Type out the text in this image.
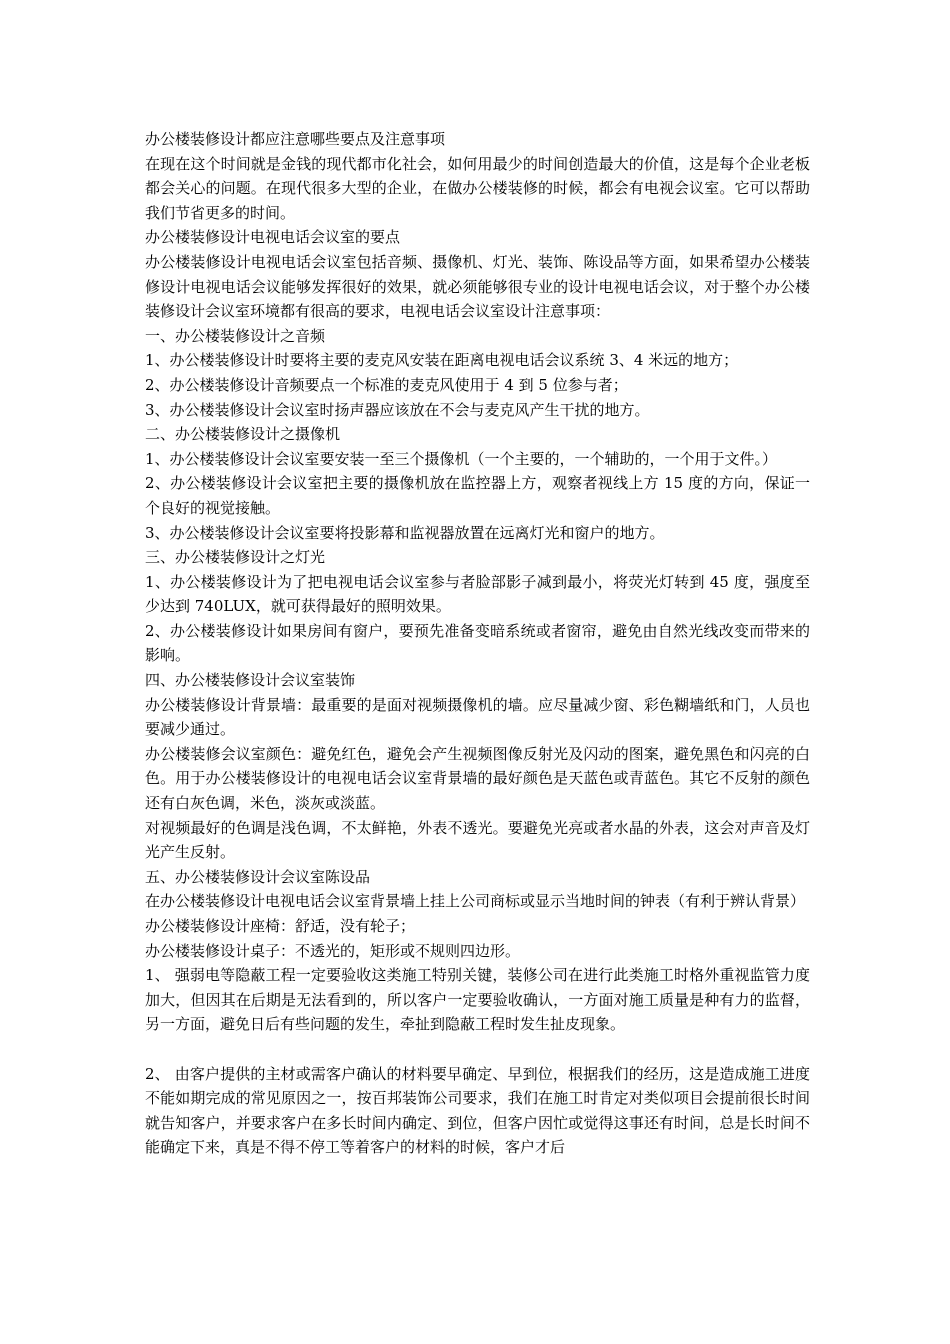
办公楼装修设计都应注意哪些要点及注意事项

在现在这个时间就是金钱的现代都市化社会，如何用最少的时间创造最大的价值，这是每个企业老板都会关心的问题。在现代很多大型的企业，在做办公楼装修的时候，都会有电视会议室。它可以帮助我们节省更多的时间。

办公楼装修设计电视电话会议室的要点

办公楼装修设计电视电话会议室包括音频、摄像机、灯光、装饰、陈设品等方面，如果希望办公楼装修设计电视电话会议能够发挥很好的效果，就必须能够很专业的设计电视电话会议，对于整个办公楼装修设计会议室环境都有很高的要求，电视电话会议室设计注意事项：

一、办公楼装修设计之音频

1、办公楼装修设计时要将主要的麦克风安装在距离电视电话会议系统 3、4 米远的地方；

2、办公楼装修设计音频要点一个标准的麦克风使用于 4 到 5 位参与者；

3、办公楼装修设计会议室时扬声器应该放在不会与麦克风产生干扰的地方。

二、办公楼装修设计之摄像机

1、办公楼装修设计会议室要安装一至三个摄像机（一个主要的，一个辅助的，一个用于文件。）

2、办公楼装修设计会议室把主要的摄像机放在监控器上方，观察者视线上方 15 度的方向，保证一个良好的视觉接触。

3、办公楼装修设计会议室要将投影幕和监视器放置在远离灯光和窗户的地方。

三、办公楼装修设计之灯光

1、办公楼装修设计为了把电视电话会议室参与者脸部影子减到最小，将荧光灯转到 45 度，强度至少达到 740LUX，就可获得最好的照明效果。

2、办公楼装修设计如果房间有窗户，要预先准备变暗系统或者窗帘，避免由自然光线改变而带来的影响。

四、办公楼装修设计会议室装饰

办公楼装修设计背景墙：最重要的是面对视频摄像机的墙。应尽量减少窗、彩色糊墙纸和门，人员也要减少通过。

办公楼装修会议室颜色：避免红色，避免会产生视频图像反射光及闪动的图案，避免黑色和闪亮的白色。用于办公楼装修设计的电视电话会议室背景墙的最好颜色是天蓝色或青蓝色。其它不反射的颜色还有白灰色调，米色，淡灰或淡蓝。

对视频最好的色调是浅色调，不太鲜艳，外表不透光。要避免光亮或者水晶的外表，这会对声音及灯光产生反射。

五、办公楼装修设计会议室陈设品

在办公楼装修设计电视电话会议室背景墙上挂上公司商标或显示当地时间的钟表（有利于辨认背景）

办公楼装修设计座椅：舒适，没有轮子；

办公楼装修设计桌子：不透光的，矩形或不规则四边形。

1、 强弱电等隐蔽工程一定要验收这类施工特别关键，装修公司在进行此类施工时格外重视监管力度加大，但因其在后期是无法看到的，所以客户一定要验收确认，一方面对施工质量是种有力的监督，另一方面，避免日后有些问题的发生，牵扯到隐蔽工程时发生扯皮现象。

2、 由客户提供的主材或需客户确认的材料要早确定、早到位，根据我们的经历，这是造成施工进度不能如期完成的常见原因之一，按百邦装饰公司要求，我们在施工时肯定对类似项目会提前很长时间就告知客户，并要求客户在多长时间内确定、到位，但客户因忙或觉得这事还有时间，总是长时间不能确定下来，真是不得不停工等着客户的材料的时候，客户才后
